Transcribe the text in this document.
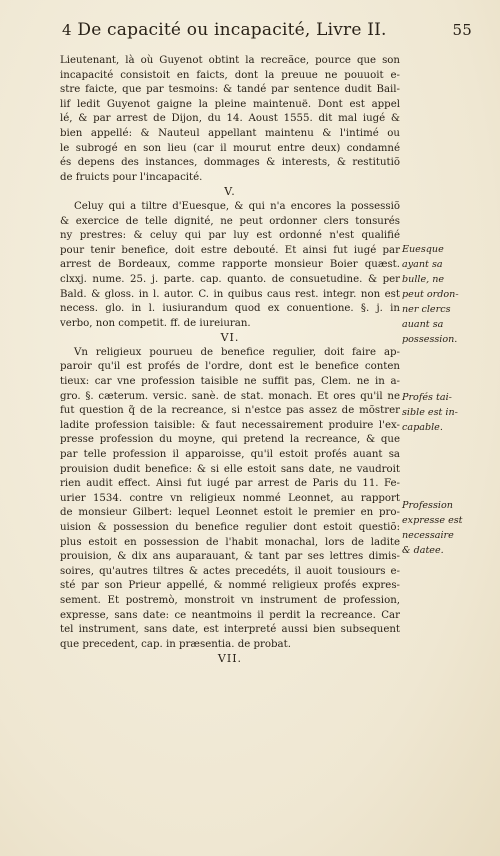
4 De capacité ou incapacité, Livre II.	55
Lieutenant, là où Guyenot obtint la recreãce, pource que son
incapacité consistoit en faicts, dont la preuue ne pouuoit e-
stre faicte, que par tesmoins: & tandé par sentence dudit Bail-
lif ledit Guyenot gaigne la pleine maintenuë. Dont est appel
lé, & par arrest de Dijon, du 14. Aoust 1555. dit mal iugé &
bien appellé: & Nauteul appellant maintenu & l'intimé ou
le subrogé en son lieu (car il mourut entre deux) condamné
és depens des instances, dommages & interests, & restitutiõ
de fruicts pour l'incapacité.
V.
Celuy qui a tiltre d'Euesque, & qui n'a encores la possessiõ
& exercice de telle dignité, ne peut ordonner clers tonsurés
ny prestres: & celuy qui par luy est ordonné n'est qualifié
pour tenir benefice, doit estre debouté. Et ainsi fut iugé par
arrest de Bordeaux, comme rapporte monsieur Boier quæst.
clxxj. nume. 25. j. parte. cap. quanto. de consuetudine. & per
Bald. & gloss. in l. autor. C. in quibus caus rest. integr. non est
necess. glo. in l. iusiurandum quod ex conuentione. §. j. in
verbo, non competit. ff. de iureiuran.
VI.
Vn religieux pourueu de benefice regulier, doit faire ap-
paroir qu'il est profés de l'ordre, dont est le benefice conten
tieux: car vne profession taisible ne suffit pas, Clem. ne in a-
gro. §. cæterum. versic. sanè. de stat. monach. Et ores qu'il ne
fut question q̃ de la recreance, si n'estce pas assez de mõstrer
ladite profession taisible: & faut necessairement produire l'ex-
presse profession du moyne, qui pretend la recreance, & que
par telle profession il apparoisse, qu'il estoit profés auant sa
prouision dudit benefice: & si elle estoit sans date, ne vaudroit
rien audit effect. Ainsi fut iugé par arrest de Paris du 11. Fe-
urier 1534. contre vn religieux nommé Leonnet, au rapport
de monsieur Gilbert: lequel Leonnet estoit le premier en pro-
uision & possession du benefice regulier dont estoit questiõ:
plus estoit en possession de l'habit monachal, lors de ladite
prouision, & dix ans auparauant, & tant par ses lettres dimis-
soires, qu'autres tiltres & actes precedéts, il auoit tousiours e-
sté par son Prieur appellé, & nommé religieux profés expres-
sement. Et postremò, monstroit vn instrument de profession,
expresse, sans date: ce neantmoins il perdit la recreance. Car
tel instrument, sans date, est interpreté aussi bien subsequent
que precedent, cap. in præsentia. de probat.
VII.
Euesque
ayant sa
bulle, ne
peut ordon-
ner clercs
auant sa
possession.
Profés tai-
sible est in-
capable.
Profession
expresse est
necessaire
& datee.
